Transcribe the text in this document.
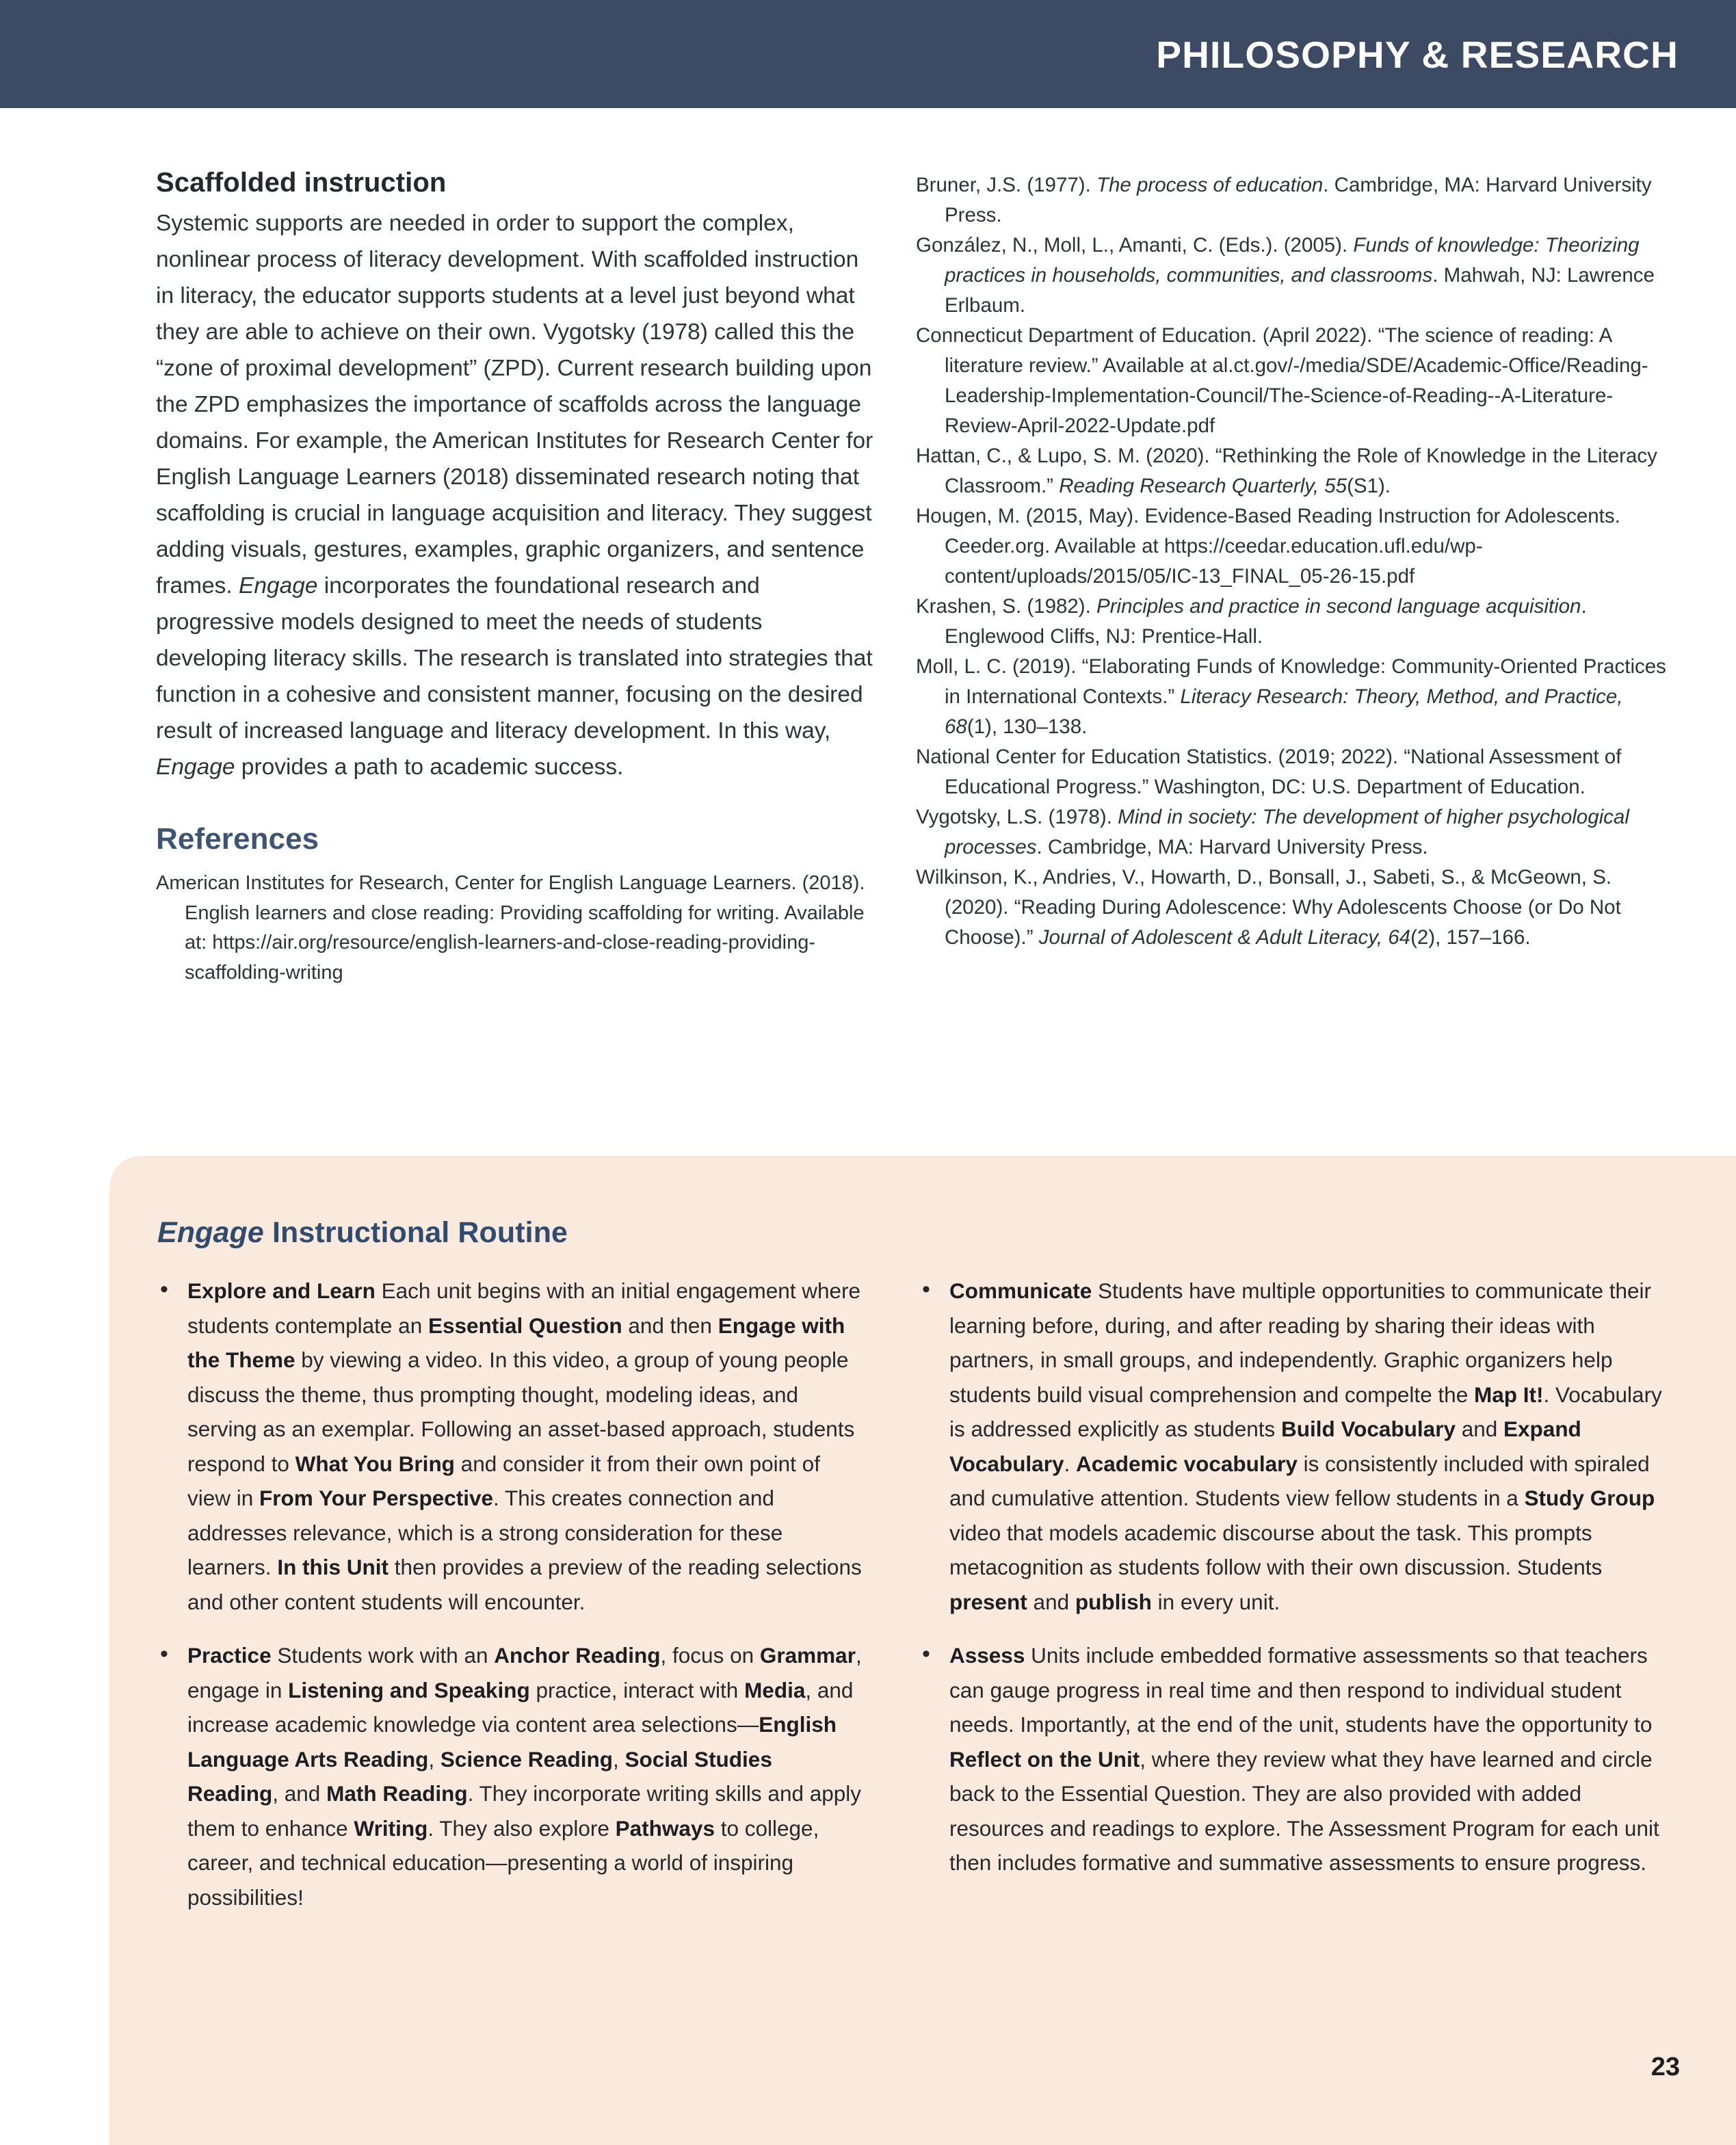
PHILOSOPHY & RESEARCH
Scaffolded instruction
Systemic supports are needed in order to support the complex, nonlinear process of literacy development. With scaffolded instruction in literacy, the educator supports students at a level just beyond what they are able to achieve on their own. Vygotsky (1978) called this the “zone of proximal development” (ZPD). Current research building upon the ZPD emphasizes the importance of scaffolds across the language domains. For example, the American Institutes for Research Center for English Language Learners (2018) disseminated research noting that scaffolding is crucial in language acquisition and literacy. They suggest adding visuals, gestures, examples, graphic organizers, and sentence frames. Engage incorporates the foundational research and progressive models designed to meet the needs of students developing literacy skills. The research is translated into strategies that function in a cohesive and consistent manner, focusing on the desired result of increased language and literacy development. In this way, Engage provides a path to academic success.
References
American Institutes for Research, Center for English Language Learners. (2018). English learners and close reading: Providing scaffolding for writing. Available at: https://air.org/resource/english-learners-and-close-reading-providing-scaffolding-writing
Bruner, J.S. (1977). The process of education. Cambridge, MA: Harvard University Press.
González, N., Moll, L., Amanti, C. (Eds.). (2005). Funds of knowledge: Theorizing practices in households, communities, and classrooms. Mahwah, NJ: Lawrence Erlbaum.
Connecticut Department of Education. (April 2022). “The science of reading: A literature review.” Available at al.ct.gov/-/media/SDE/Academic-Office/Reading-Leadership-Implementation-Council/The-Science-of-Reading--A-Literature-Review-April-2022-Update.pdf
Hattan, C., & Lupo, S. M. (2020). “Rethinking the Role of Knowledge in the Literacy Classroom.” Reading Research Quarterly, 55(S1).
Hougen, M. (2015, May). Evidence-Based Reading Instruction for Adolescents. Ceeder.org. Available at https://ceedar.education.ufl.edu/wp-content/uploads/2015/05/IC-13_FINAL_05-26-15.pdf
Krashen, S. (1982). Principles and practice in second language acquisition. Englewood Cliffs, NJ: Prentice-Hall.
Moll, L. C. (2019). “Elaborating Funds of Knowledge: Community-Oriented Practices in International Contexts.” Literacy Research: Theory, Method, and Practice, 68(1), 130–138.
National Center for Education Statistics. (2019; 2022). “National Assessment of Educational Progress.” Washington, DC: U.S. Department of Education.
Vygotsky, L.S. (1978). Mind in society: The development of higher psychological processes. Cambridge, MA: Harvard University Press.
Wilkinson, K., Andries, V., Howarth, D., Bonsall, J., Sabeti, S., & McGeown, S. (2020). “Reading During Adolescence: Why Adolescents Choose (or Do Not Choose).” Journal of Adolescent & Adult Literacy, 64(2), 157–166.
Engage Instructional Routine
• Explore and Learn Each unit begins with an initial engagement where students contemplate an Essential Question and then Engage with the Theme by viewing a video. In this video, a group of young people discuss the theme, thus prompting thought, modeling ideas, and serving as an exemplar. Following an asset-based approach, students respond to What You Bring and consider it from their own point of view in From Your Perspective. This creates connection and addresses relevance, which is a strong consideration for these learners. In this Unit then provides a preview of the reading selections and other content students will encounter.
• Practice Students work with an Anchor Reading, focus on Grammar, engage in Listening and Speaking practice, interact with Media, and increase academic knowledge via content area selections—English Language Arts Reading, Science Reading, Social Studies Reading, and Math Reading. They incorporate writing skills and apply them to enhance Writing. They also explore Pathways to college, career, and technical education—presenting a world of inspiring possibilities!
• Communicate Students have multiple opportunities to communicate their learning before, during, and after reading by sharing their ideas with partners, in small groups, and independently. Graphic organizers help students build visual comprehension and compelte the Map It!. Vocabulary is addressed explicitly as students Build Vocabulary and Expand Vocabulary. Academic vocabulary is consistently included with spiraled and cumulative attention. Students view fellow students in a Study Group video that models academic discourse about the task. This prompts metacognition as students follow with their own discussion. Students present and publish in every unit.
• Assess Units include embedded formative assessments so that teachers can gauge progress in real time and then respond to individual student needs. Importantly, at the end of the unit, students have the opportunity to Reflect on the Unit, where they review what they have learned and circle back to the Essential Question. They are also provided with added resources and readings to explore. The Assessment Program for each unit then includes formative and summative assessments to ensure progress.
23
